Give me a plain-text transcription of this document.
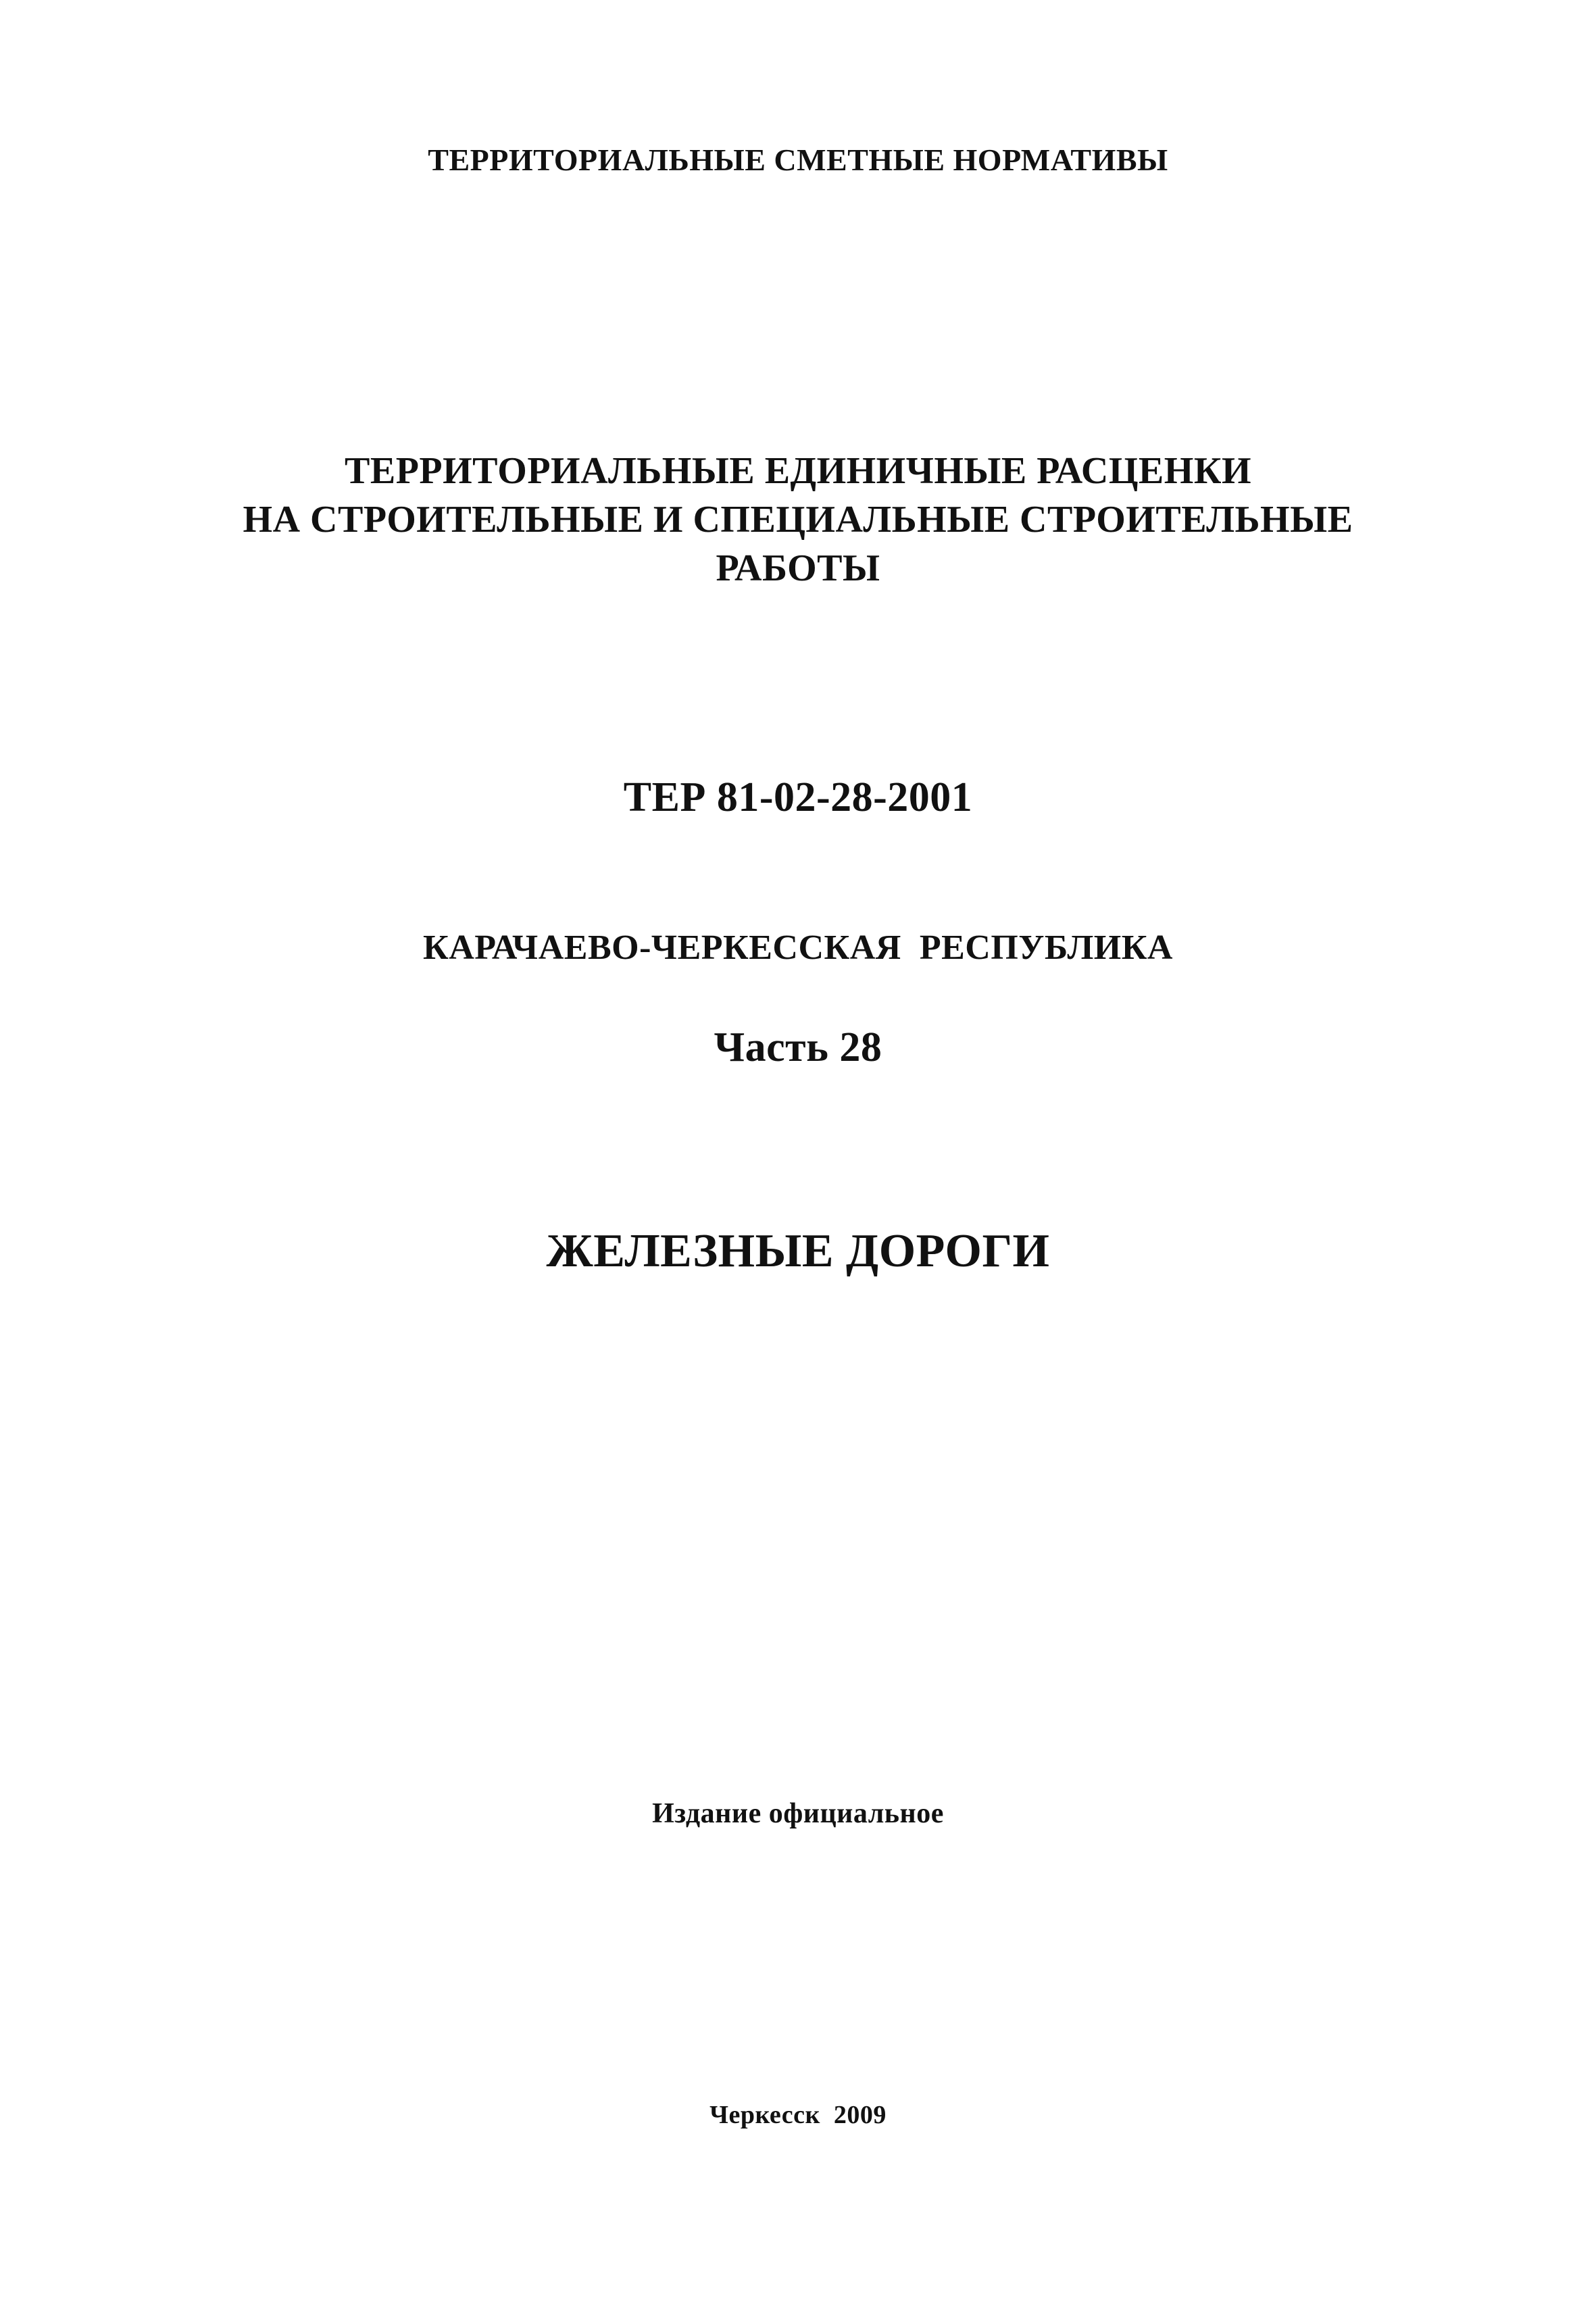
ТЕРРИТОРИАЛЬНЫЕ СМЕТНЫЕ НОРМАТИВЫ
ТЕРРИТОРИАЛЬНЫЕ ЕДИНИЧНЫЕ РАСЦЕНКИ
НА СТРОИТЕЛЬНЫЕ И СПЕЦИАЛЬНЫЕ СТРОИТЕЛЬНЫЕ
РАБОТЫ
ТЕР 81-02-28-2001
КАРАЧАЕВО-ЧЕРКЕССКАЯ  РЕСПУБЛИКА
Часть 28
ЖЕЛЕЗНЫЕ ДОРОГИ
Издание официальное
Черкесск  2009
